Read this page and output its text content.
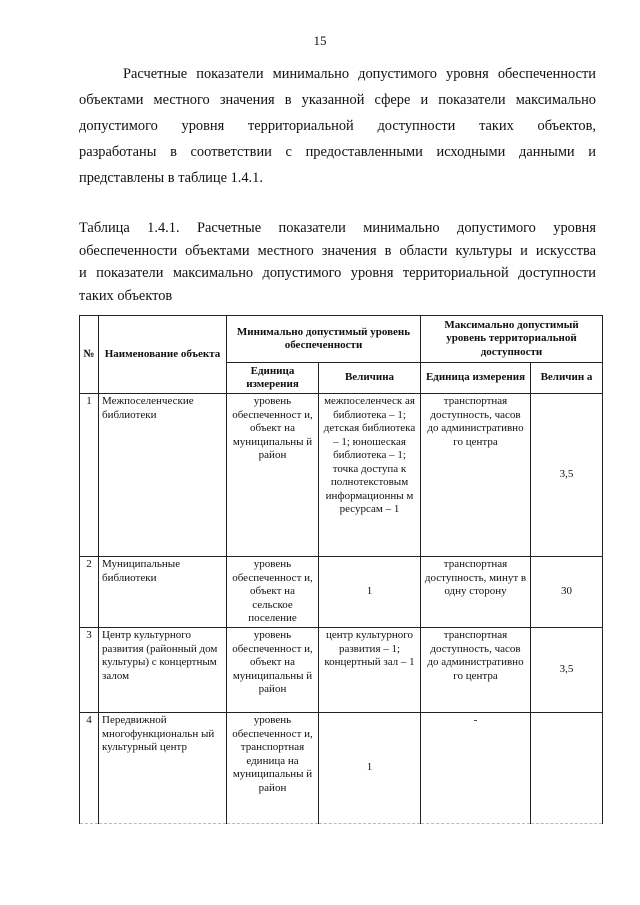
15
Расчетные показатели минимально допустимого уровня обеспеченности
объектами местного значения в указанной сфере и показатели максимально
допустимого уровня территориальной доступности таких объектов,
разработаны в соответствии с предоставленными исходными данными и
представлены в таблице 1.4.1.
Таблица 1.4.1. Расчетные показатели минимально допустимого уровня
обеспеченности объектами местного значения в области культуры и искусства
и показатели максимально допустимого уровня территориальной доступности
таких объектов
№	Наименование объекта	Минимально допустимый уровень обеспеченности		Максимально допустимый уровень территориальной доступности	
		Единица измерения	Величина	Единица измерения	Величин а
1	Межпоселенческие библиотеки	уровень обеспеченност и, объект на муниципальны й район	межпоселенческ ая библиотека – 1; детская библиотека – 1; юношеская библиотека – 1; точка доступа к полнотекстовым информационны м ресурсам – 1	транспортная доступность, часов до административно го центра	3,5
2	Муниципальные библиотеки	уровень обеспеченност и, объект на сельское поселение	1	транспортная доступность, минут в одну сторону	30
3	Центр культурного развития (районный дом культуры) с концертным залом	уровень обеспеченност и, объект на муниципальны й район	центр культурного развития – 1; концертный зал – 1	транспортная доступность, часов до административно го центра	3,5
4	Передвижной многофункциональн ый культурный центр	уровень обеспеченност и, транспортная единица на муниципальны й район	1	-	
